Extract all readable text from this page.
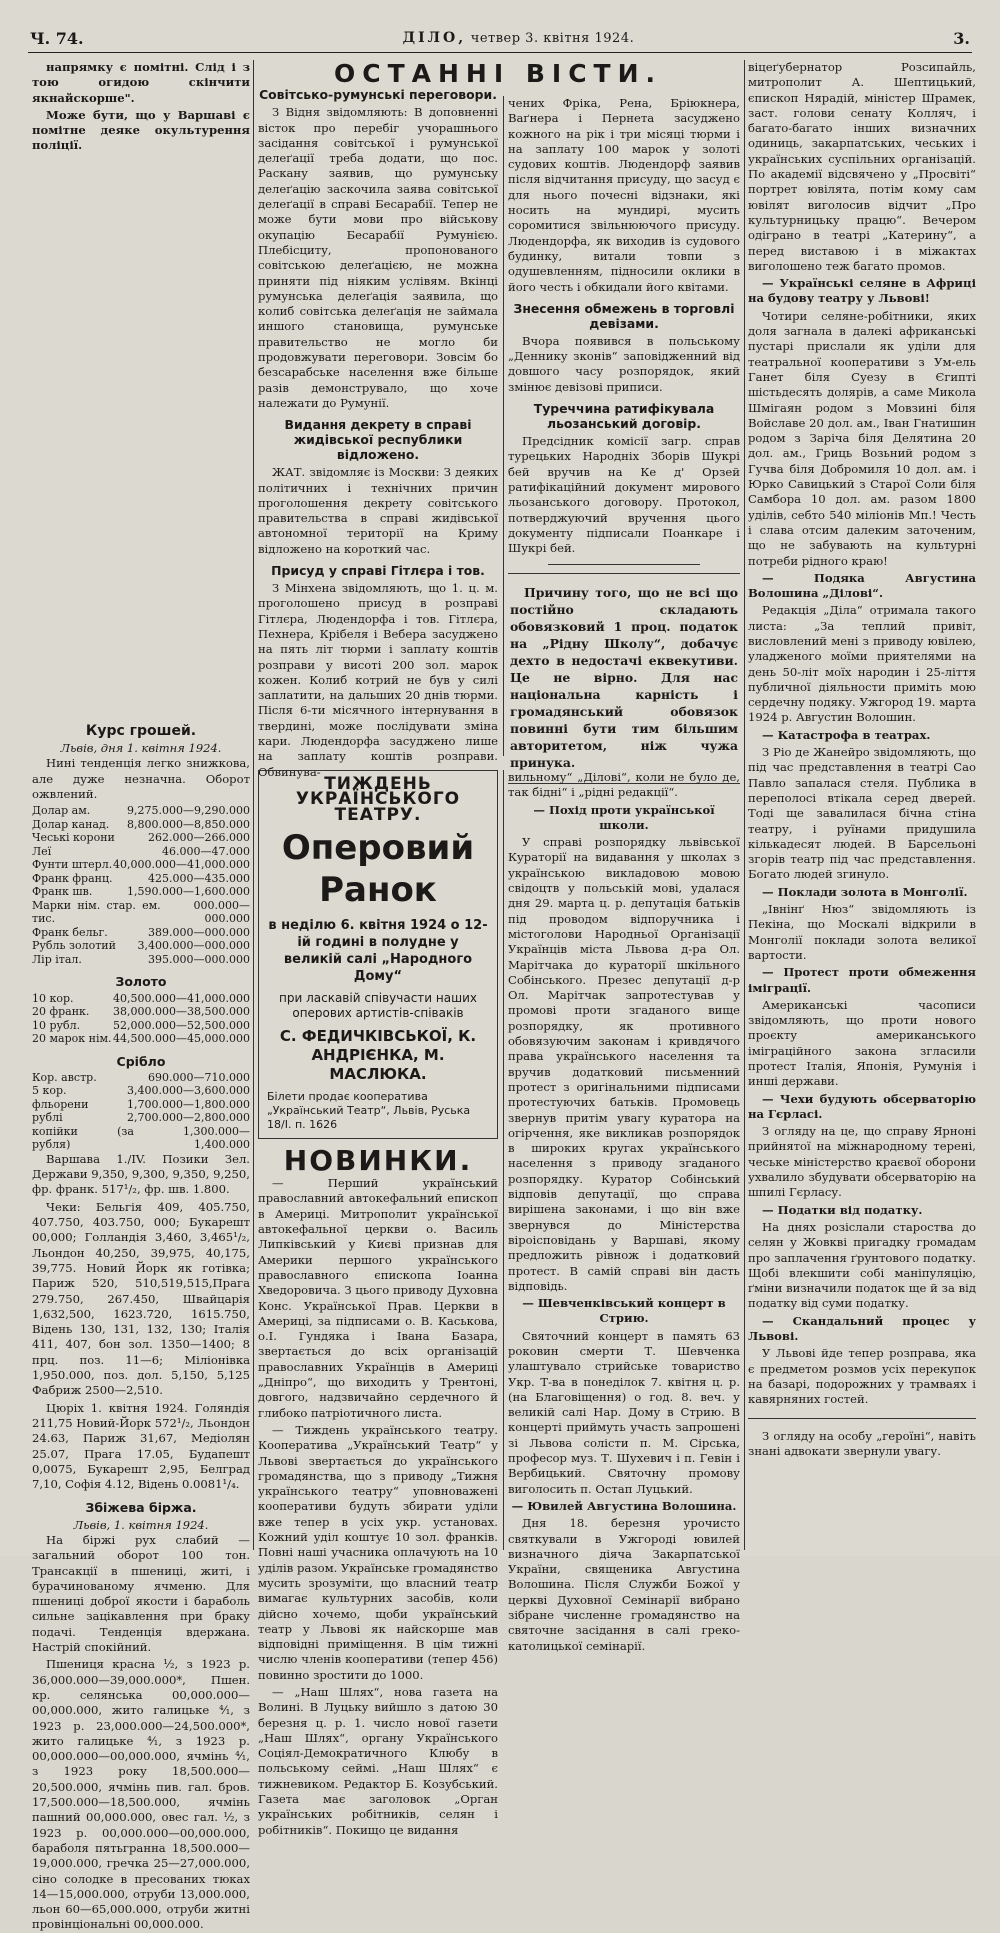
Ч. 74.	ДІЛО, четвер 3. квітня 1924.	3.

напрямку є помітні. Слід і з тою огидою скінчити якнайскорше".

Може бути, що у Варшаві є помітне деяке окультурення поліції.

Курс грошей.
Львів, дня 1. квітня 1924.

Нині тенденція легко знижкова, але дуже незначна. Оборот ожвлений.

Долар ам.	9,275.000—9,290.000
Долар канад. 8,800.000—8,850.000
Чеські корони	262.000—266.000
Леї	46.000—47.000
Фунти штерл. 40,000.000—41,000.000
Франк франц.	425.000—435.000
Франк шв.	1,590.000—1,600.000
Марки нім. стар. ем. тис.
000.000—000.000
Франк бельг.	389.000—000.000
Рубль золотий 3,400.000—000.000
Лір італ.	395.000—000.000
Золото
10 кор.	40,500.000—41,000.000
20 франк. 38,000.000—38,500.000
10 рубл.	52,000.000—52,500.000
20 марок нім. 44,500.000—45,000.000
Срібло
Кор. австр.	690.000—710.000
5 кор.	3,400.000—3,600.000
фльорени	1,700.000—1,800.000
рублі	2,700.000—2,800.000
копійки (за рубля)
1,300.000—1,400.000

Варшава 1./IV. Позики Зел. Держави 9,350, 9,300, 9,350, 9,250, фр. франк. 517¹/₂, фр. шв. 1.800.

Чеки: Бельгія 409, 405.750, 407.750, 403.750, 000; Букарешт 00,000; Голландія 3,460, 3,465¹/₂, Льондон 40,250, 39,975, 40,175, 39,775. Новий Йорк як готівка; Париж 520, 510,519,515,Прага 279.750, 267.450, Швайцарія 1,632,500, 1623.720, 1615.750, Відень 130, 131, 132, 130; Італія 411, 407, бон зол. 1350—1400; 8 прц. поз. 11—6; Міліонівка 1,950.000, поз. дол. 5,150, 5,125 Фабриж 2500—2,510.

Цюріх 1. квітня 1924. Голяндія 211,75 Новий-Йорк 572¹/₂, Льондон 24.63, Париж 31,67, Медіолян 25.07, Прага 17.05, Будапешт 0,0075, Букарешт 2,95, Белград 7,10, Софія 4.12, Відень 0.0081¹/₄.

Збіжева біржа.
Львів, 1. квітня 1924.

На біржі рух слабий — загальний оборот 100 тон. Трансакції в пшениці, житі, і бурачинованому ячменю. Для пшениці доброї якости і бараболь сильне зацікавлення при браку подачі. Тенденція вдержана. Настрій спокійний.

Пшениця красна ¹⁄₂, з 1923 р. 36,000.000—39,000.000*, Пшен. кр. селянська 00,000.000—00,000.000, жито галицьке ⁴⁄₁, з 1923 р. 23,000.000—24,500.000*, жито галицьке ⁴⁄₁, з 1923 р. 00,000.000—00,000.000, ячмінь ⁴⁄₁, з 1923 року 18,500.000—20,500.000, ячмінь пив. гал. бров. 17,500.000—18,500.000, ячмінь пашний 00,000.000, овес гал. ¹⁄₂, з 1923 р. 00,000.000—00,000.000, бараболя пятьгранна 18,500.000—19,000.000, гречка 25—27,000.000, сіно солодке в пресованих тюках 14—15,000.000, отруби 13,000.000, льон 60—65,000.000, отруби житні провінціональні 00,000.000.

ОСТАННІ ВІСТИ.
Совітсько-румунські переговори.

З Відня звідомляють: В доповненні вісток про перебіг учорашнього засідання совітської і румунської делеґації треба додати, що пос. Раскану заявив, що румунську делеґацію заскочила заява совітської делеґації в справі Бесарабії. Тепер не може бути мови про військову окупацію Бесарабії Румунією. Плебісциту, пропонованого совітською делеґацією, не можна приняти під ніяким услівям. Вкінці румунська делеґація заявила, що колиб совітська делеґація не займала иншого становища, румунське правительство не могло би продовжувати переговори. Зовсім бо безсарабське населення вже більше разів демонструвало, що хоче належати до Румунії.

Видання декрету в справі жидівської республики відложено.

ЖАТ. звідомляє із Москви: З деяких політичних і технічних причин проголошення декрету совітського правительства в справі жидівської автономної території на Криму відложено на короткий час.

Присуд у справі Гітлєра і тов.

З Мінхена звідомляють, що 1. ц. м. проголошено присуд в розправі Гітлєра, Людендорфа і тов. Гітлєра, Пехнера, Крібеля і Вебера засуджено на пять літ тюрми і заплату коштів розправи у висоті 200 зол. марок кожен. Колиб котрий не був у силі заплатити, на дальших 20 днів тюрми. Після 6-ти місячного інтернування в твердині, може послідувати зміна кари. Людендорфа засуджено лише на заплату коштів розправи. Обвинува-

чених Фріка, Рена, Бріюкнера, Ваґнера і Пернета засуджено кожного на рік і три місяці тюрми і на заплату 100 марок у золоті судових коштів. Людендорф заявив після відчитання присуду, що засуд є для нього почесні відзнаки, які носить на мундирі, мусить соромитися звільнюючого присуду. Людендорфа, як виходив із судового будинку, витали товпи з одушевленням, підносили оклики в його честь і обкидали його квітами.

Знесення обмежень в торговлі девізами.

Вчора появився в польському „Деннику зконів“ заповідженний від довшого часу розпорядок, який змінює девізові приписи.

Туреччина ратифікувала льозанський договір.

Предсідник комісії загр. справ турецьких Народніх Зборів Шукрі бей вручив на Ке д' Орзей ратифікаційний документ мирового льозанського договору. Протокол, потверджуючий вручення цього документу підписали Поанкаре і Шукрі бей.

Причину того, що не всі що постійно складають обовязковий 1 проц. податок на „Рідну Школу“, добачує дехто в недостачі еквекутиви. Це не вірно. Для нас національна карність і громадянський обовязок повинні бути тим більшим авторитетом, ніж чужа принука.

ТИЖДЕНЬ УКРАЇНСЬКОГО ТЕАТРУ.
Оперовий Ранок
в неділю 6. квітня 1924 о 12-ій годині в полудне у великій салі „Народного Дому“
при ласкавій співучасти наших оперових артистів-співаків
С. ФЕДИЧКІВСЬКОЇ, К. АНДРІЄНКА, М. МАСЛЮКА.
Білети продає кооператива „Український Театр“, Львів, Руська 18/I. п. 1626
НОВИНКИ.

— Перший український православний автокефальний епископ в Америці. Митрополит української автокефальної церкви о. Василь Липківський у Києві признав для Америки першого українського православного єпископа Іоанна Хведоровича. З цього приводу Духовна Конс. Української Прав. Церкви в Америці, за підписами о. В. Каськова, о.І. Гундяка і Івана Базара, звертається до всіх організацій православних Українців в Америці „Дніпро“, що виходить у Трентоні, довгого, надзвичайно сердечного й глибоко патріотичного листа.

— Тиждень українського театру. Кооператива „Український Театр“ у Львові звертається до українського громадянства, що з приводу „Тижня українського театру“ уповноважені кооперативи будуть збирати уділи вже тепер в усіх укр. установах. Кожний уділ коштує 10 зол. франків. Повні наші учасника оплачують на 10 уділів разом. Українське громадянство мусить зрозуміти, що власний театр вимагає культурних засобів, коли дійсно хочемо, щоби український театр у Львові як найскорше мав відповідні приміщення. В цім тижні числю членів кооперативи (тепер 456) повинно зростити до 1000.

— „Наш Шлях“, нова газета на Волині. В Луцьку вийшло з датою 30 березня ц. р. 1. число нової газети „Наш Шлях“, органу Українського Соціял-Демократичного Клюбу в польському сеймі. „Наш Шлях“ є тижневиком. Редактор Б. Козубський. Газета має заголовок „Орган українських робітників, селян і робітників“. Покищо це видання

вильному“ „Ділові“, коли не було де, так бідні“ і „рідні редакції“.

— Похід проти української школи.

У справі розпорядку львівської Кураторії на видавання у школах з українською викладовою мовою свідоцтв у польській мові, удалася дня 29. марта ц. р. депутація батьків під проводом відпоручника і містоголови Народньої Організації Українців міста Львова д-ра Ол. Марітчака до кураторії шкільного Собінського. Презес депутації д-р Ол. Марітчак запротестував у промові проти згаданого вище розпорядку, як противного обовязуючим законам і кривдячого права українського населення та вручив додатковий письменний протест з оригінальними підписами протестуючих батьків. Промовець звернув притім увагу куратора на огірчення, яке викликав розпорядок в широких кругах українського населення з приводу згаданого розпорядку. Куратор Собінський відповів депутації, що справа вирішена законами, і що він вже звернувся до Міністерства віроісповідань у Варшаві, якому предложить рівнож і додатковий протест. В самій справі він дасть відповідь.

— Шевченківський концерт в Стрию.

Святочний концерт в память 63 роковин смерти Т. Шевченка улаштувало стрийське товариство Укр. Т-ва в понеділок 7. квітня ц. р. (на Благовіщення) о год. 8. веч. у великій салі Нар. Дому в Стрию. В концерті приймуть участь запрошені зі Львова солісти п. М. Сірська, професор муз. Т. Шухевич і п. Гевін і Вербицький. Святочну промову виголосить п. Остап Луцький.

— Ювилей Августина Волошина.

Дня 18. березня урочисто святкували в Ужгороді ювилей визначного діяча Закарпатської України, священика Августина Волошина. Після Служби Божої у церкві Духовної Семінарії вибрано зібране численне громадянство на святочне засідання в салі греко-католицької семінарії.

віцеґубернатор Розсипайль, митрополит А. Шептицький, єпископ Нярадій, міністер Шрамек, заст. голови сенату Колляч, і багато-багато інших визначних одиниць, закарпатських, чеських і українських суспільних організацій. По академії відсвячено у „Просвіті“ портрет ювілята, потім кому сам ювілят виголосив відчит „Про культурницьку працю“. Вечером одіграно в театрі „Катерину“, а перед виставою і в міжактах виголошено теж багато промов.

— Українські селяне в Африці на будову театру у Львові!

Чотири селяне-робітники, яких доля загнала в далекі африканські пустарі прислали як уділи для театральної кооперативи з Ум-ель Ганет біля Суезу в Єгипті шістьдесять долярів, а саме Микола Шмігаян родом з Мовзині біля Войславе 20 дол. ам., Іван Гнатишин родом з Заріча біля Делятина 20 дол. ам., Гриць Возьний родом з Гучва біля Добромиля 10 дол. ам. і Юрко Савицький з Старої Соли біля Самбора 10 дол. ам. разом 1800 уділів, себто 540 міліонів Мп.! Честь і слава отсим далеким заточеним, що не забувають на культурні потреби рідного краю!

— Подяка Августина Волошина „Ділові“.

Редакція „Діла“ отримала такого листа: „За теплий привіт, висловлений мені з приводу ювілею, уладженого моїми приятелями на день 50-літ моїх народин і 25-ліття публичної діяльности приміть мою сердечну подяку. Ужгород 19. марта 1924 р. Августин Волошин.

— Катастрофа в театрах.

З Ріо де Жанейро звідомляють, що під час представлення в театрі Сао Павло запалася стеля. Публика в переполосі втікала серед дверей. Тоді ще завалилася бічна стіна театру, і руїнами придушила кількадесят людей. В Барсельоні згорів театр під час представлення. Богато людей згинуло.

— Поклади золота в Монголії.

„Івнінґ Нюз“ звідомляють із Пекіна, що Москалі відкрили в Монголії поклади золота великої вартости.

— Протест проти обмеження іміграції.

Американські часописи звідомляють, що проти нового проєкту американського іміграційного закона згласили протест Італія, Японія, Румунія і инші держави.

— Чехи будують обсерваторію на Гєрласі.

З огляду на це, що справу Ярноні прийнятої на міжнародному терені, чеське міністерство краєвої оборони ухвалило збудувати обсерваторію на шпилі Гєрласу.

— Податки від податку.

На днях розіслали староства до селян у Жовкві пригадку громадам про заплачення ґрунтового податку. Щобі влекшити собі маніпуляцію, ґміни визначили податок ще й за від податку від суми податку.

— Скандальний процес у Львові.

У Львові йде тепер розправа, яка є предметом розмов усіх перекупок на базарі, подорожних у трамваях і кавярняних гостей.

З огляду на особу „героїні“, навіть знані адвокати звернули увагу.
